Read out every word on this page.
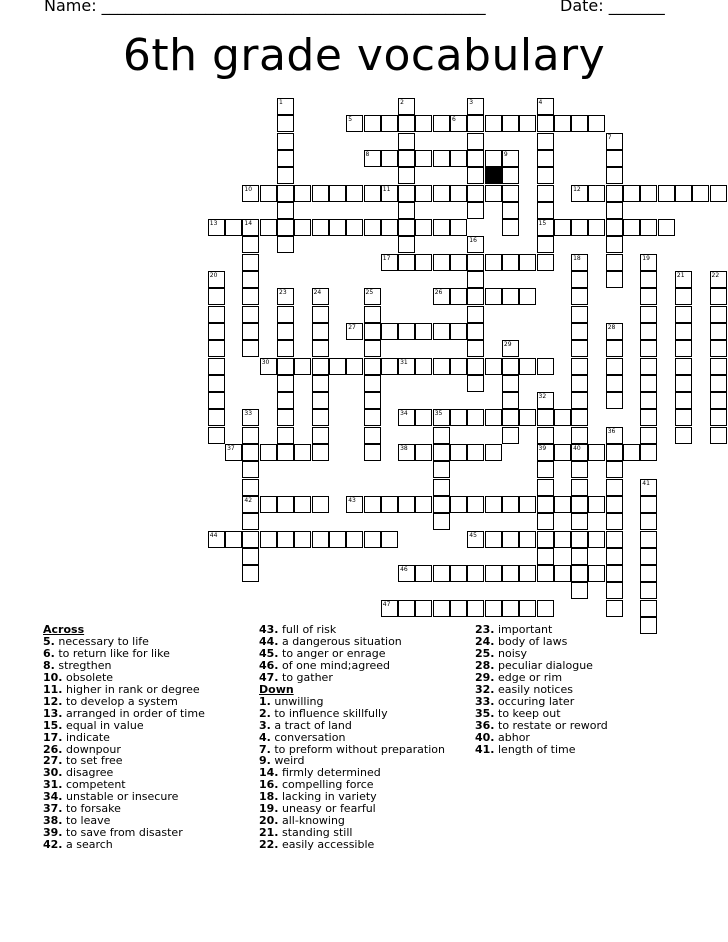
Name: ________________________________________________	Date: _______
6th grade vocabulary
5	6
8	9
10	11	12
13	14	15
17
26
27
30	31
34	35
37	38	39	40
42	43
44	45
46
47
1	2	3	4
7
16
18	19
20	21	22
23	24	25
28
29
32
33
36
41
Across
5. necessary to life
6. to return like for like
8. stregthen
10. obsolete
11. higher in rank or degree
12. to develop a system
13. arranged in order of time
15. equal in value
17. indicate
26. downpour
27. to set free
30. disagree
31. competent
34. unstable or insecure
37. to forsake
38. to leave
39. to save from disaster
42. a search
43. full of risk
44. a dangerous situation
45. to anger or enrage
46. of one mind;agreed
47. to gather
Down
1. unwilling
2. to influence skillfully
3. a tract of land
4. conversation
7. to preform without preparation
9. weird
14. firmly determined
16. compelling force
18. lacking in variety
19. uneasy or fearful
20. all-knowing
21. standing still
22. easily accessible
23. important
24. body of laws
25. noisy
28. peculiar dialogue
29. edge or rim
32. easily notices
33. occuring later
35. to keep out
36. to restate or reword
40. abhor
41. length of time
